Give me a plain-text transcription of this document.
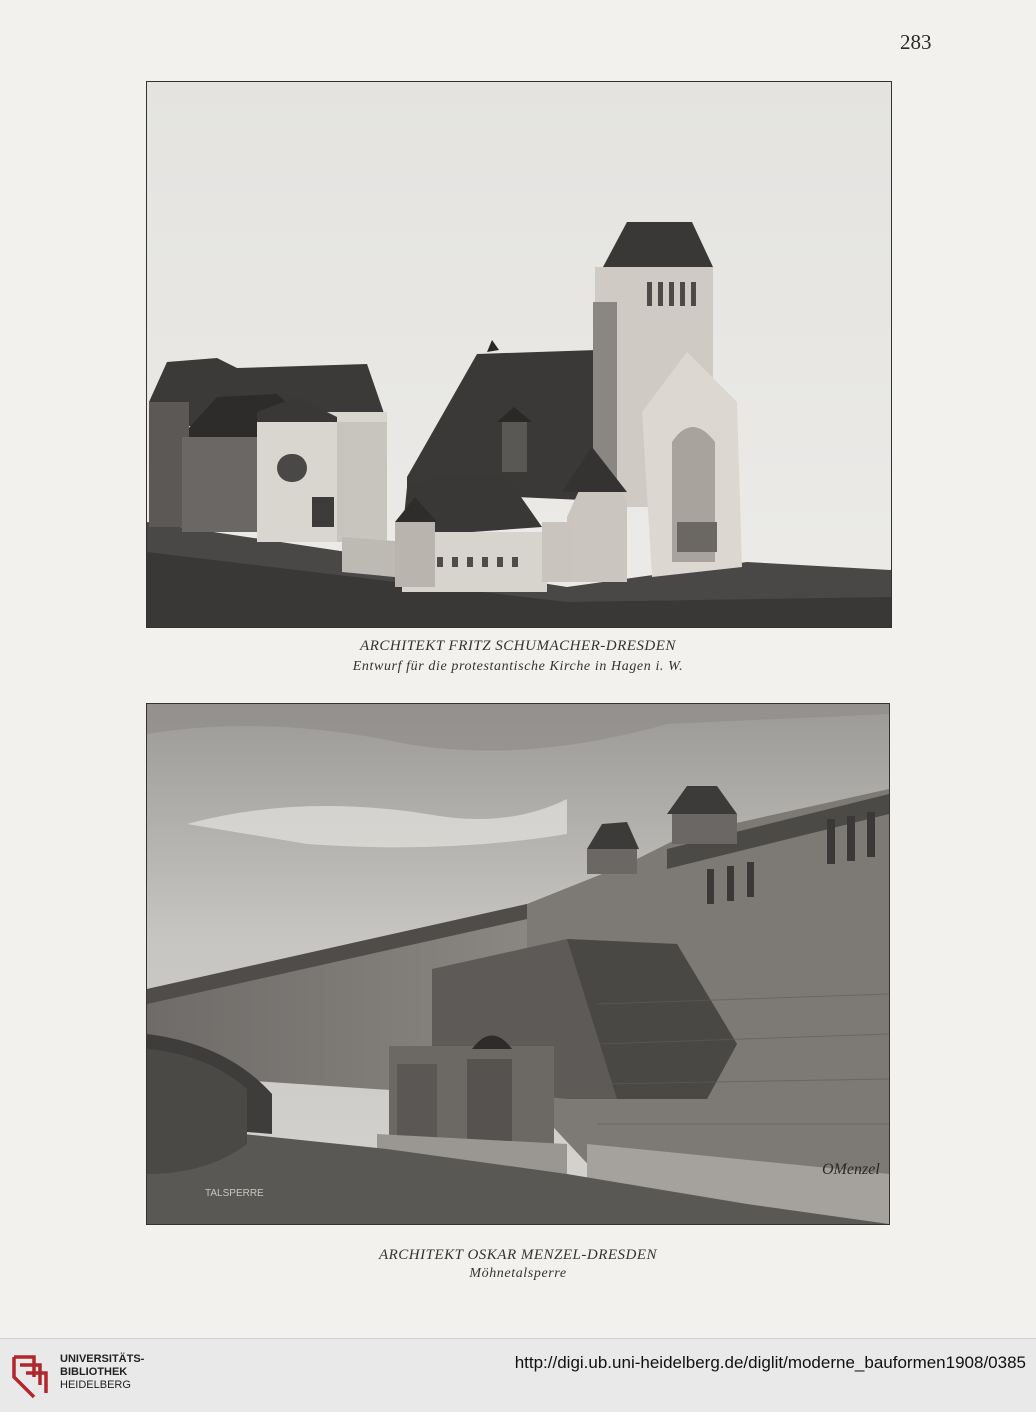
283
ARCHITEKT FRITZ SCHUMACHER-DRESDEN
Entwurf für die protestantische Kirche in Hagen i. W.
TALSPERRE
OMenzel
ARCHITEKT OSKAR MENZEL-DRESDEN
Möhnetalsperre
UNIVERSITÄTS-
BIBLIOTHEK
HEIDELBERG
http://digi.ub.uni-heidelberg.de/diglit/moderne_bauformen1908/0385
